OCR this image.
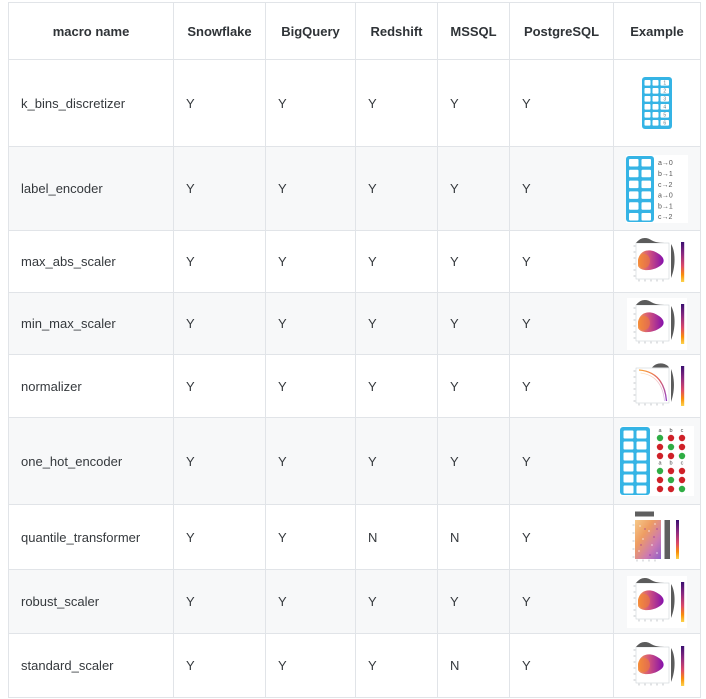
macro name	Snowflake	BigQuery	Redshift	MSSQL	PostgreSQL	Example
k_bins_discretizer	Y	Y	Y	Y	Y	
1
2
3
4
5
6

label_encoder	Y	Y	Y	Y	Y	
a→0
b→1
c→2
a→0
b→1
c→2

max_abs_scaler	Y	Y	Y	Y	Y	

min_max_scaler	Y	Y	Y	Y	Y	

normalizer	Y	Y	Y	Y	Y	

one_hot_encoder	Y	Y	Y	Y	Y	
a b c
a b c

quantile_transformer	Y	Y	N	N	Y	

robust_scaler	Y	Y	Y	Y	Y	

standard_scaler	Y	Y	Y	N	Y	
